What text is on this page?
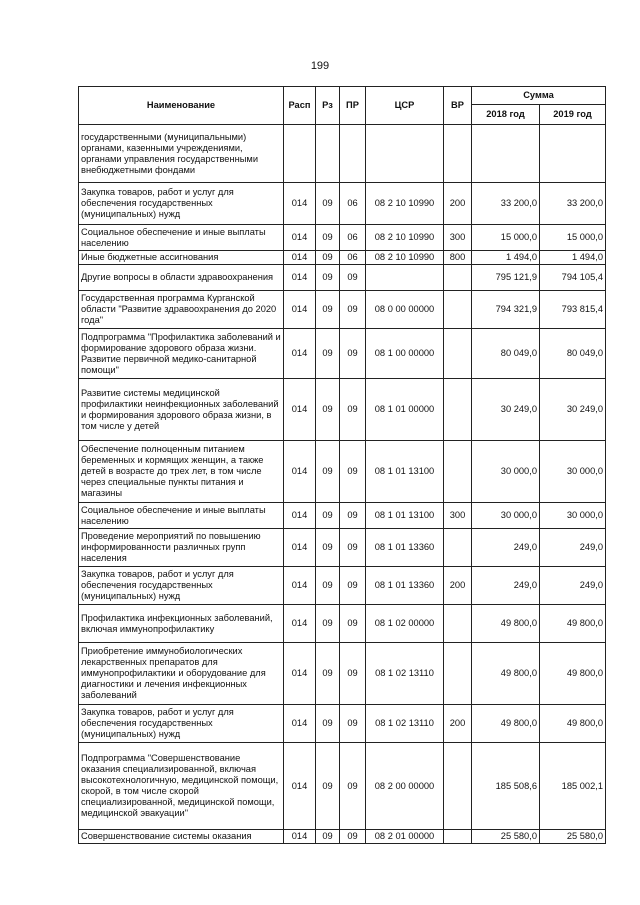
199
Наименование	Расп	Рз	ПР	ЦСР	ВР	Сумма	
						2018 год	2019 год
государственными (муниципальными) органами, казенными учреждениями, органами управления государственными внебюджетными фондами							
Закупка товаров, работ и услуг для обеспечения государственных (муниципальных) нужд	014	09	06	08 2 10 10990	200	33 200,0	33 200,0
Социальное обеспечение и иные выплаты населению	014	09	06	08 2 10 10990	300	15 000,0	15 000,0
Иные бюджетные ассигнования	014	09	06	08 2 10 10990	800	1 494,0	1 494,0
Другие вопросы в области здравоохранения	014	09	09			795 121,9	794 105,4
Государственная программа Курганской области "Развитие здравоохранения до 2020 года"	014	09	09	08 0 00 00000		794 321,9	793 815,4
Подпрограмма "Профилактика заболеваний и формирование здорового образа жизни. Развитие первичной медико-санитарной помощи"	014	09	09	08 1 00 00000		80 049,0	80 049,0
Развитие системы медицинской профилактики неинфекционных заболеваний и формирования здорового образа жизни, в том числе у детей	014	09	09	08 1 01 00000		30 249,0	30 249,0
Обеспечение полноценным питанием беременных и кормящих женщин, а также детей в возрасте до трех лет, в том числе через специальные пункты питания и магазины	014	09	09	08 1 01 13100		30 000,0	30 000,0
Социальное обеспечение и иные выплаты населению	014	09	09	08 1 01 13100	300	30 000,0	30 000,0
Проведение мероприятий по повышению информированности различных групп населения	014	09	09	08 1 01 13360		249,0	249,0
Закупка товаров, работ и услуг для обеспечения государственных (муниципальных) нужд	014	09	09	08 1 01 13360	200	249,0	249,0
Профилактика инфекционных заболеваний, включая иммунопрофилактику	014	09	09	08 1 02 00000		49 800,0	49 800,0
Приобретение иммунобиологических лекарственных препаратов для иммунопрофилактики и оборудование для диагностики и лечения инфекционных заболеваний	014	09	09	08 1 02 13110		49 800,0	49 800,0
Закупка товаров, работ и услуг для обеспечения государственных (муниципальных) нужд	014	09	09	08 1 02 13110	200	49 800,0	49 800,0
Подпрограмма "Совершенствование оказания специализированной, включая высокотехнологичную, медицинской помощи, скорой, в том числе скорой специализированной, медицинской помощи, медицинской эвакуации"	014	09	09	08 2 00 00000		185 508,6	185 002,1
Совершенствование системы оказания	014	09	09	08 2 01 00000		25 580,0	25 580,0
